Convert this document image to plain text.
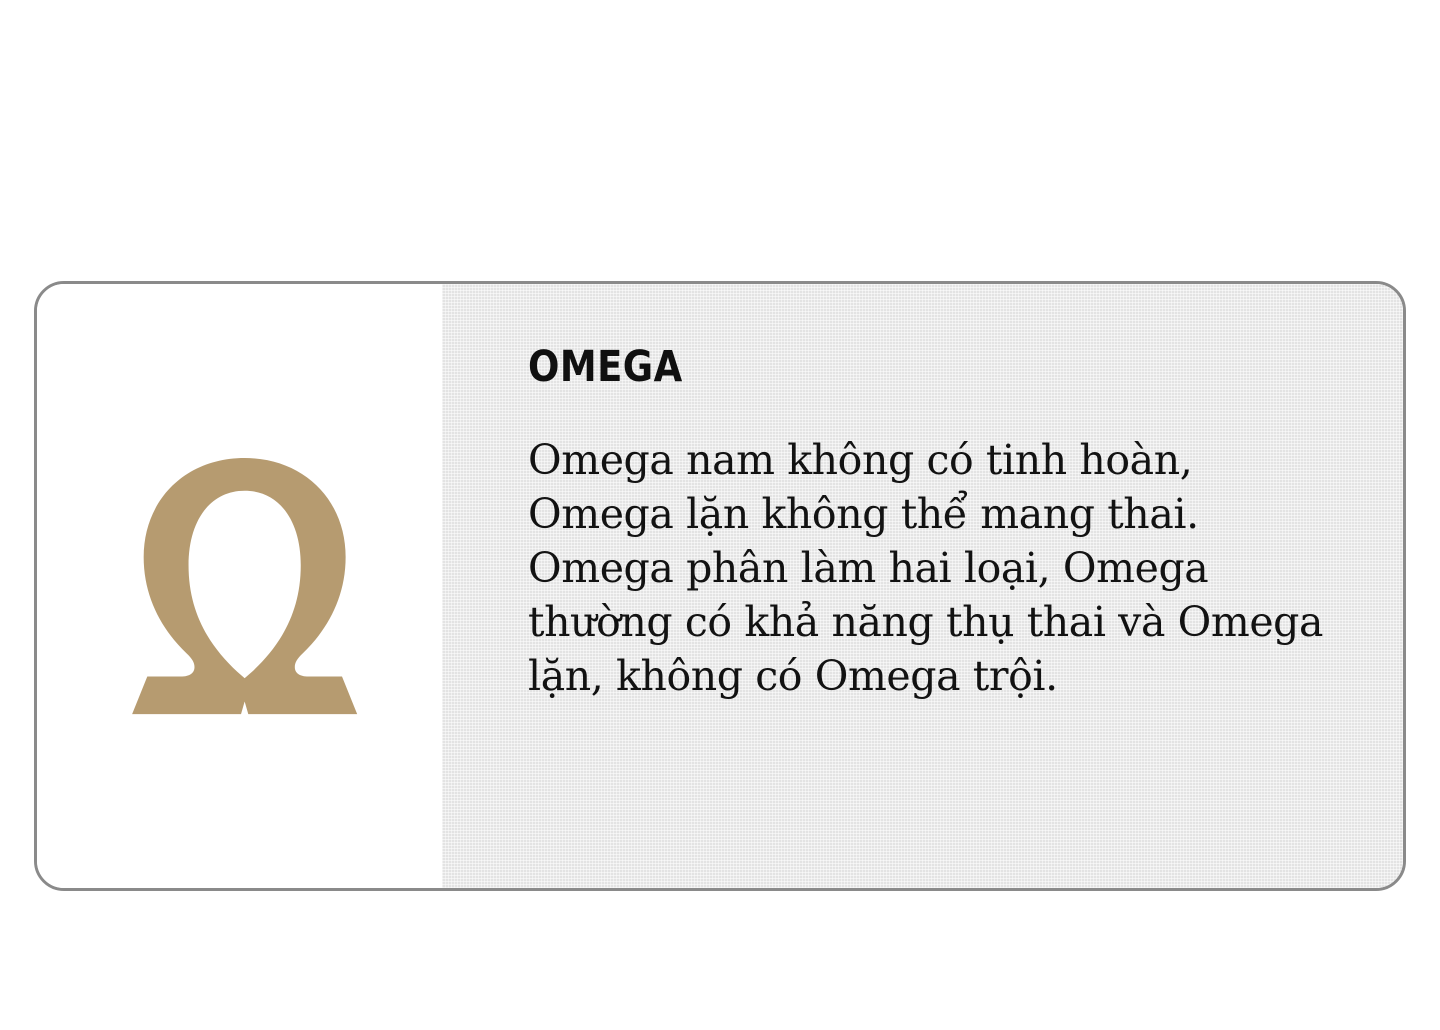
OMEGA

Omega nam không có tinh hoàn, Omega lặn không thể mang thai. Omega phân làm hai loại, Omega thường có khả năng thụ thai và Omega lặn, không có Omega trội.
